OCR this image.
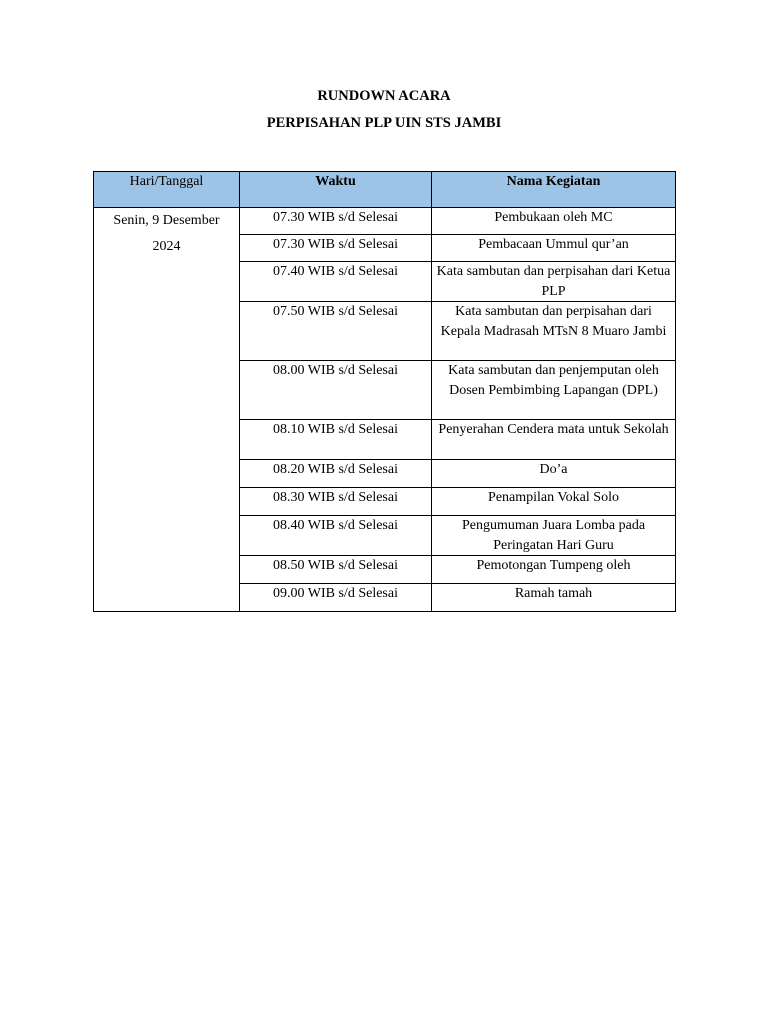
RUNDOWN ACARA
PERPISAHAN PLP UIN STS JAMBI
Hari/Tanggal	Waktu	Nama Kegiatan
Senin, 9 Desember 2024	07.30 WIB s/d Selesai	Pembukaan oleh MC
	07.30 WIB s/d Selesai	Pembacaan Ummul qur’an
	07.40 WIB s/d Selesai	Kata sambutan dan perpisahan dari Ketua PLP
	07.50 WIB s/d Selesai	Kata sambutan dan perpisahan dari Kepala Madrasah MTsN 8 Muaro Jambi
	08.00 WIB s/d Selesai	Kata sambutan dan penjemputan oleh Dosen Pembimbing Lapangan (DPL)
	08.10 WIB s/d Selesai	Penyerahan Cendera mata untuk Sekolah
	08.20 WIB s/d Selesai	Do’a
	08.30 WIB s/d Selesai	Penampilan Vokal Solo
	08.40 WIB s/d Selesai	Pengumuman Juara Lomba pada Peringatan Hari Guru
	08.50 WIB s/d Selesai	Pemotongan Tumpeng oleh
	09.00 WIB s/d Selesai	Ramah tamah
